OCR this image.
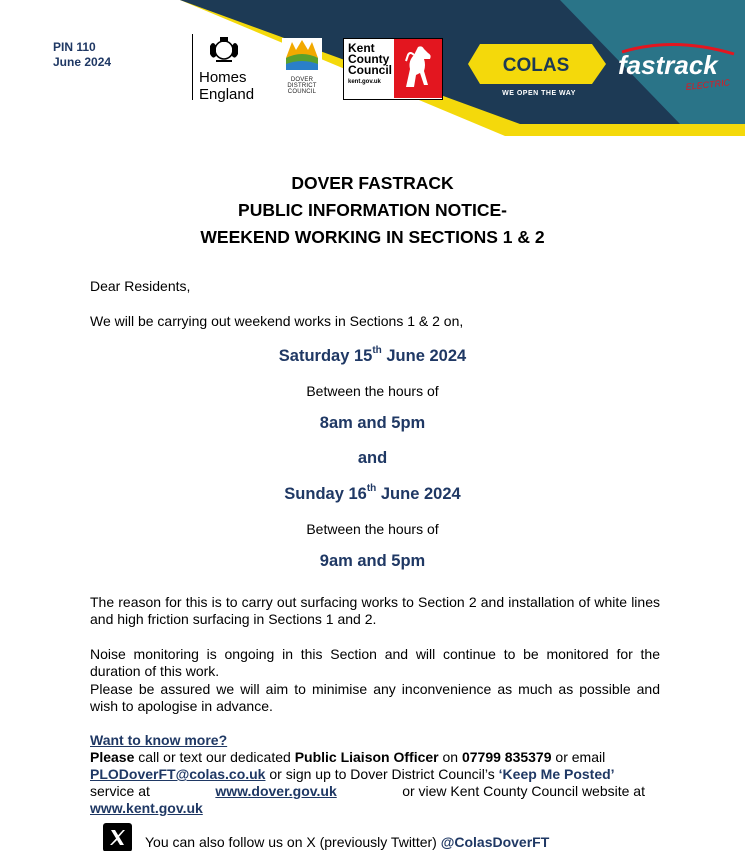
PIN 110
June 2024
Homes
England
DOVER
DISTRICT
COUNCIL
Kent
County
Council
kent.gov.uk
COLAS
WE OPEN THE WAY
fastrack
ELECTRIC
DOVER FASTRACK
PUBLIC INFORMATION NOTICE-
WEEKEND WORKING IN SECTIONS 1 & 2
Dear Residents,
We will be carrying out weekend works in Sections 1 & 2 on,
Saturday 15th June 2024
Between the hours of
8am and 5pm
and
Sunday 16th June 2024
Between the hours of
9am and 5pm
The reason for this is to carry out surfacing works to Section 2 and installation of white lines and high friction surfacing in Sections 1 and 2.
Noise monitoring is ongoing in this Section and will continue to be monitored for the duration of this work.
Please be assured we will aim to minimise any inconvenience as much as possible and wish to apologise in advance.
Want to know more?
Please call or text our dedicated Public Liaison Officer on 07799 835379 or email
PLODoverFT@colas.co.uk or sign up to Dover District Council’s ‘Keep Me Posted’
service at	www.dover.gov.uk	or view Kent County Council website at
www.kent.gov.uk
You can also follow us on X (previously Twitter) @ColasDoverFT
